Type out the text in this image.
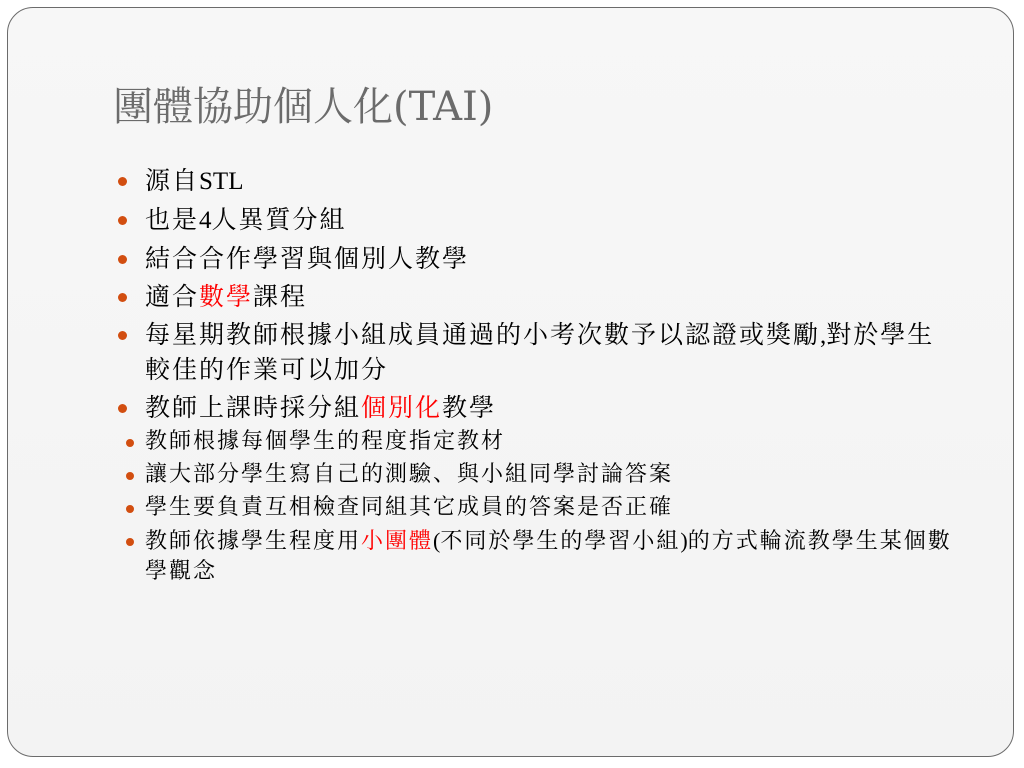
團體協助個人化(TAI)
源自STL
也是4人異質分組
結合合作學習與個別人教學
適合數學課程
每星期教師根據小組成員通過的小考次數予以認證或獎勵,對於學生較佳的作業可以加分
教師上課時採分組個別化教學
教師根據每個學生的程度指定教材
讓大部分學生寫自己的測驗、與小組同學討論答案
學生要負責互相檢查同組其它成員的答案是否正確
教師依據學生程度用小團體(不同於學生的學習小組)的方式輪流教學生某個數學觀念
